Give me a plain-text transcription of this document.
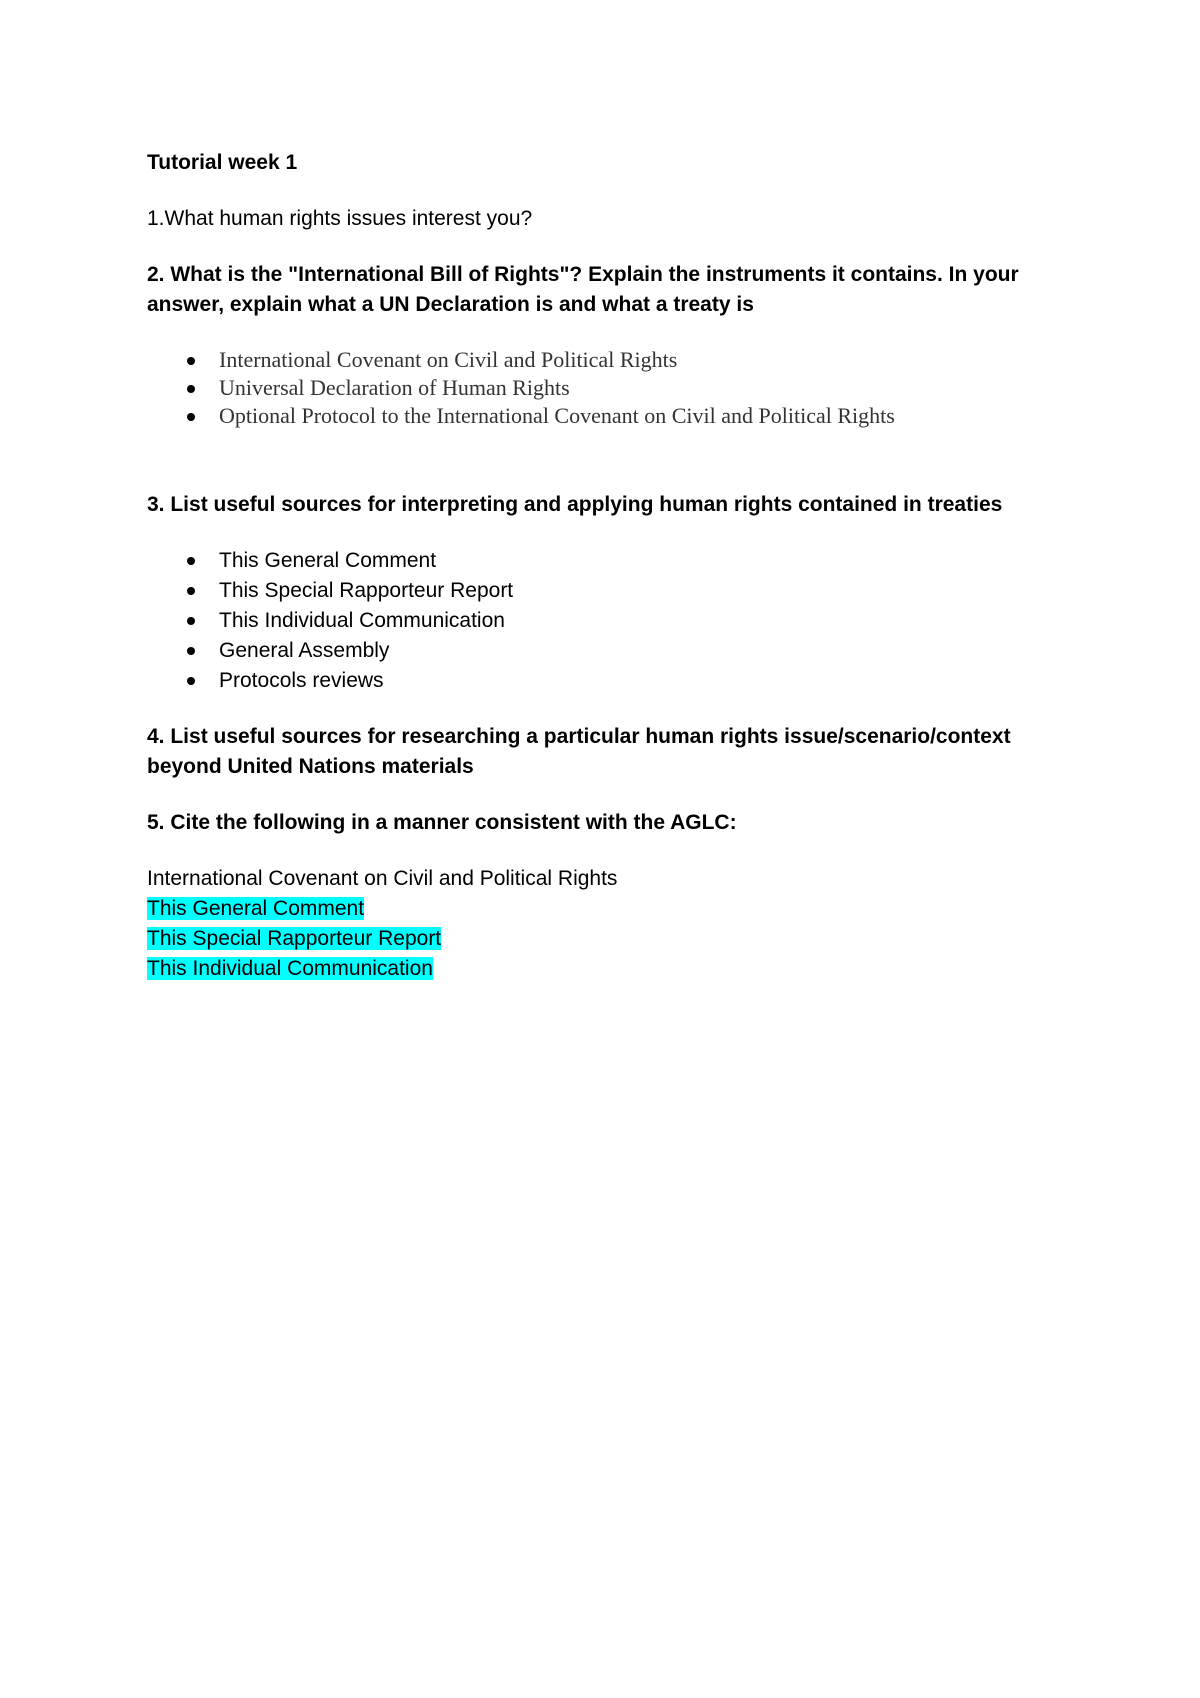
Tutorial week 1
1.What human rights issues interest you?
2. What is the "International Bill of Rights"? Explain the instruments it contains. In your answer, explain what a UN Declaration is and what a treaty is
International Covenant on Civil and Political Rights
Universal Declaration of Human Rights
Optional Protocol to the International Covenant on Civil and Political Rights
3. List useful sources for interpreting and applying human rights contained in treaties
This General Comment
This Special Rapporteur Report
This Individual Communication
General Assembly
Protocols reviews
4. List useful sources for researching a particular human rights issue/scenario/context beyond United Nations materials
5. Cite the following in a manner consistent with the AGLC:
International Covenant on Civil and Political Rights
This General Comment
This Special Rapporteur Report
This Individual Communication
